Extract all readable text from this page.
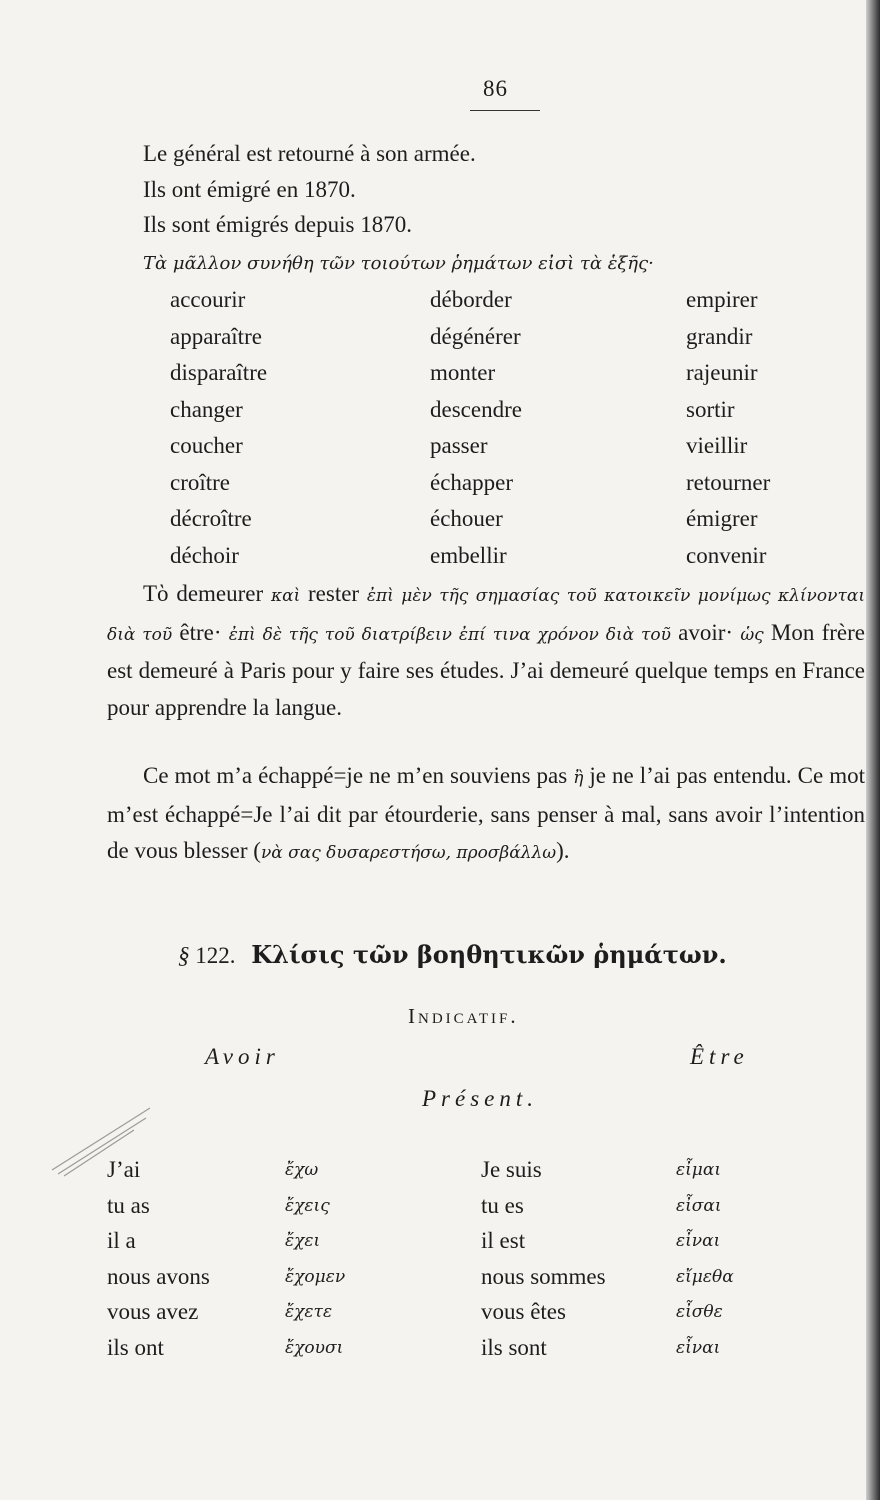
86
Le général est retourné à son armée.
Ils ont émigré en 1870.
Ils sont émigrés depuis 1870.
Τὰ μᾶλλον συνήθη τῶν τοιούτων ῥημάτων εἰσὶ τὰ ἑξῆς·
accourir	déborder	empirer
apparaître	dégénérer	grandir
disparaître	monter	rajeunir
changer	descendre	sortir
coucher	passer	vieillir
croître	échapper	retourner
décroître	échouer	émigrer
déchoir	embellir	convenir
Τὸ demeurer καὶ rester ἐπὶ μὲν τῆς σημασίας τοῦ κατοικεῖν μονίμως κλίνονται διὰ τοῦ être· ἐπὶ δὲ τῆς τοῦ διατρίβειν ἐπί τινα χρόνον διὰ τοῦ avoir· ὡς Mon frère est demeuré à Paris pour y faire ses études. J’ai demeuré quelque temps en France pour apprendre la langue.
Ce mot m’a échappé=je ne m’en souviens pas ἢ je ne l’ai pas entendu. Ce mot m’est échappé=Je l’ai dit par étourderie, sans penser à mal, sans avoir l’intention de vous blesser (νὰ σας δυσαρεστήσω, προσβάλλω).
§ 122. Κλίσις τῶν βοηθητικῶν ῥημάτων.
Indicatif.
Avoir	Être
Présent.
J’ai	ἔχω	Je suis	εἶμαι
tu as	ἔχεις	tu es	εἶσαι
il a	ἔχει	il est	εἶναι
nous avons	ἔχομεν	nous sommes	εἴμεθα
vous avez	ἔχετε	vous êtes	εἶσθε
ils ont	ἔχουσι	ils sont	εἶναι
